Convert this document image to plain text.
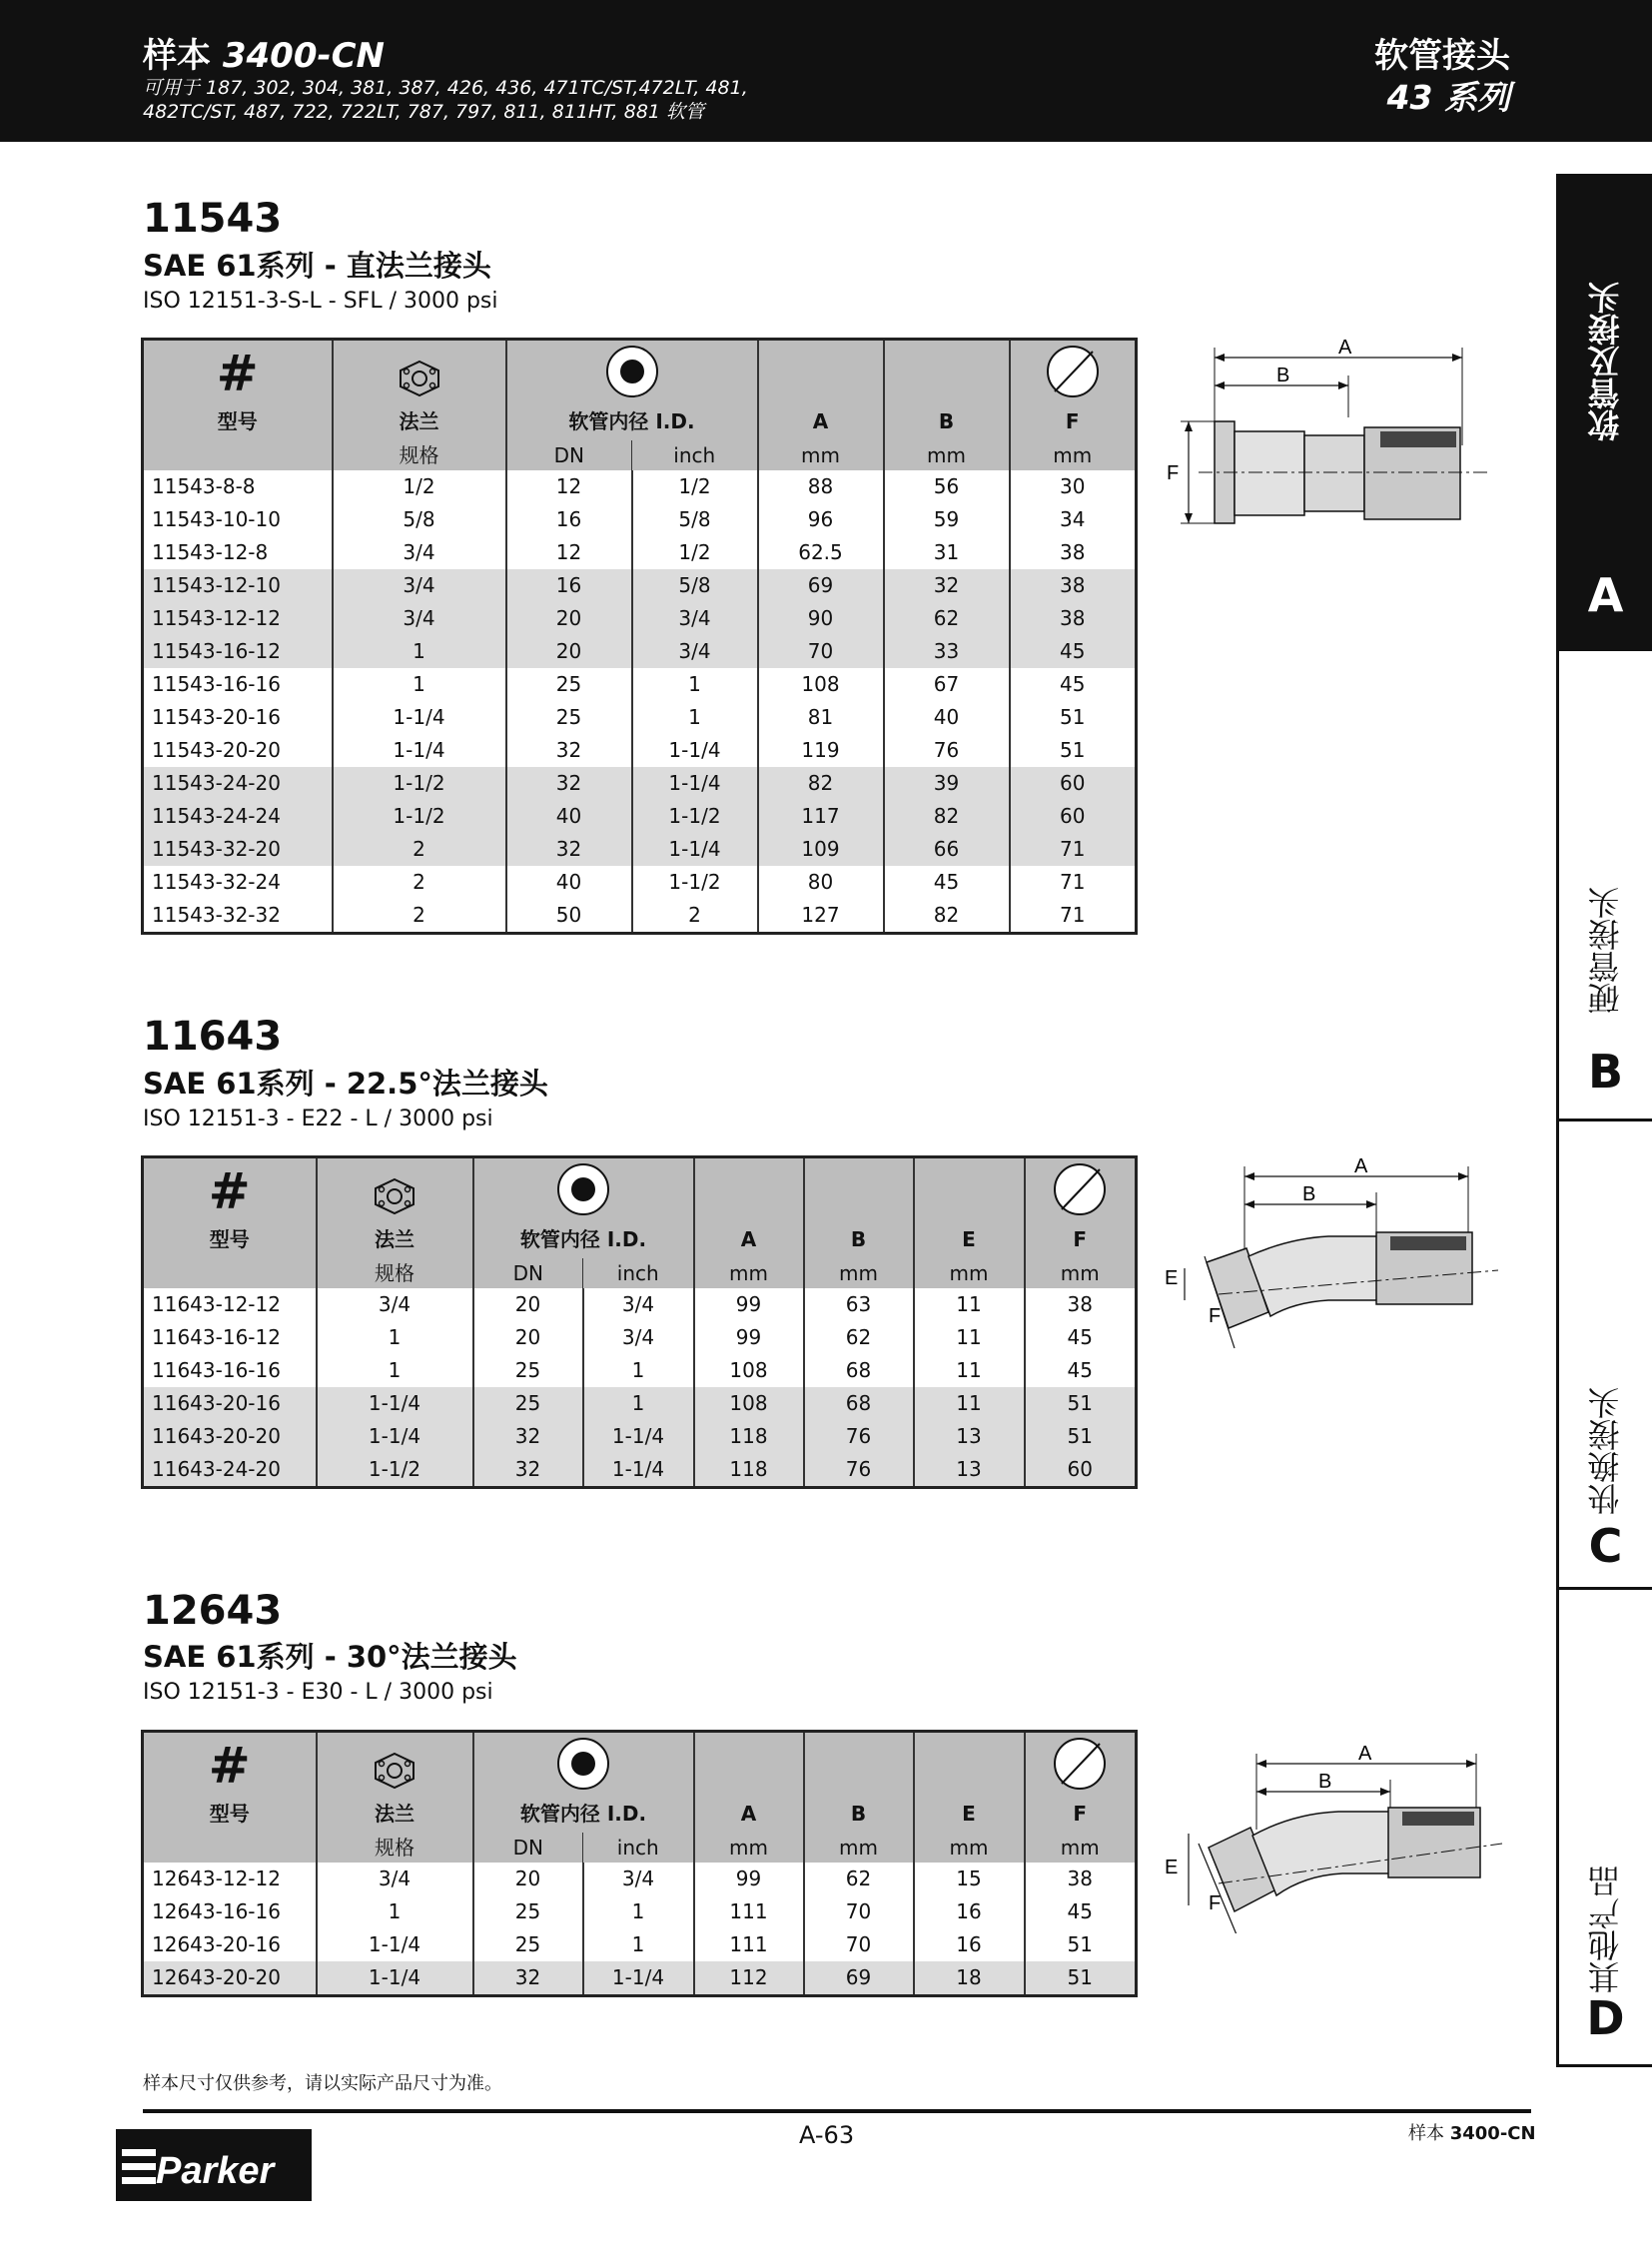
样本 3400-CN
可用于 187, 302, 304, 381, 387, 426, 436, 471TC/ST,472LT, 481,
482TC/ST, 487, 722, 722LT, 787, 797, 811, 811HT, 881 软管
软管接头
43 系列
11543
SAE 61系列 - 直法兰接头
ISO 12151-3-S-L - SFL / 3000 psi
#	

型号	法兰	软管内径 I.D.		A	B	F
	规格	DN	inch	mm	mm	mm
11543-8-8	1/2	12	1/2	88	56	30
11543-10-10	5/8	16	5/8	96	59	34
11543-12-8	3/4	12	1/2	62.5	31	38
11543-12-10	3/4	16	5/8	69	32	38
11543-12-12	3/4	20	3/4	90	62	38
11543-16-12	1	20	3/4	70	33	45
11543-16-16	1	25	1	108	67	45
11543-20-16	1-1/4	25	1	81	40	51
11543-20-20	1-1/4	32	1-1/4	119	76	51
11543-24-20	1-1/2	32	1-1/4	82	39	60
11543-24-24	1-1/2	40	1-1/2	117	82	60
11543-32-20	2	32	1-1/4	109	66	71
11543-32-24	2	40	1-1/2	80	45	71
11543-32-32	2	50	2	127	82	71
A
B
F
11643
SAE 61系列 - 22.5°法兰接头
ISO 12151-3 - E22 - L / 3000 psi
#	

型号	法兰	软管内径 I.D.		A	B	E	F
	规格	DN	inch	mm	mm	mm	mm
11643-12-12	3/4	20	3/4	99	63	11	38
11643-16-12	1	20	3/4	99	62	11	45
11643-16-16	1	25	1	108	68	11	45
11643-20-16	1-1/4	25	1	108	68	11	51
11643-20-20	1-1/4	32	1-1/4	118	76	13	51
11643-24-20	1-1/2	32	1-1/4	118	76	13	60
A
B
E
F
12643
SAE 61系列 - 30°法兰接头
ISO 12151-3 - E30 - L / 3000 psi
#	

型号	法兰	软管内径 I.D.		A	B	E	F
	规格	DN	inch	mm	mm	mm	mm
12643-12-12	3/4	20	3/4	99	62	15	38
12643-16-16	1	25	1	111	70	16	45
12643-20-16	1-1/4	25	1	111	70	16	51
12643-20-20	1-1/4	32	1-1/4	112	69	18	51
A
B
E
F
软管及接头
A
硬管接头
B
快换接头
C
其他产品
D
样本尺寸仅供参考，请以实际产品尺寸为准。
A-63	样本 3400-CN
Parker
